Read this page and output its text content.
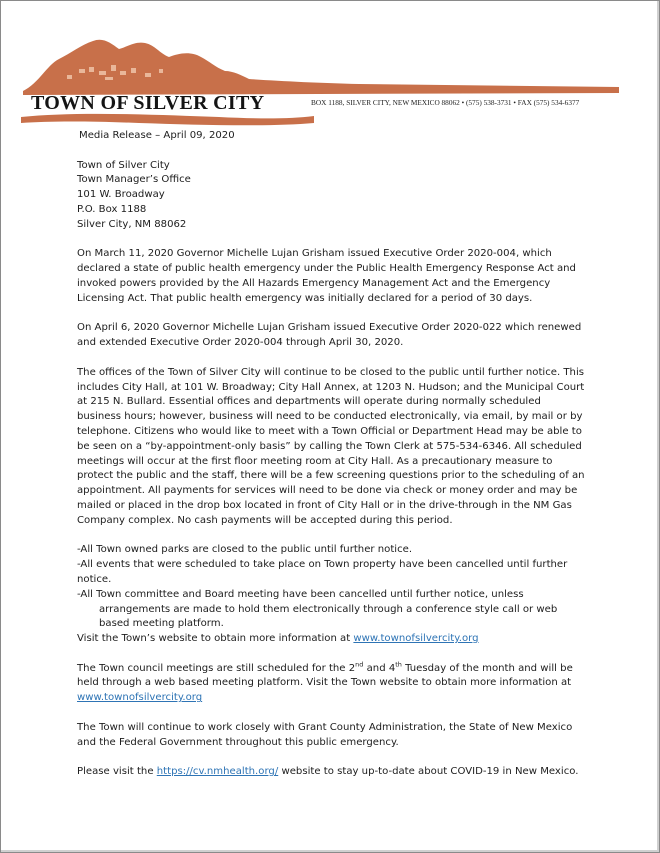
TOWN OF SILVER CITY	BOX 1188, SILVER CITY, NEW MEXICO 88062 • (575) 538-3731 • FAX (575) 534-6377

Media Release – April 09, 2020

Town of Silver City

Town Manager’s Office

101 W. Broadway

P.O. Box 1188

Silver City, NM 88062

On March 11, 2020 Governor Michelle Lujan Grisham issued Executive Order 2020-004, which declared a state of public health emergency under the Public Health Emergency Response Act and invoked powers provided by the All Hazards Emergency Management Act and the Emergency Licensing Act. That public health emergency was initially declared for a period of 30 days.

On April 6, 2020 Governor Michelle Lujan Grisham issued Executive Order 2020-022 which renewed and extended Executive Order 2020-004 through April 30, 2020.

The offices of the Town of Silver City will continue to be closed to the public until further notice. This includes City Hall, at 101 W. Broadway; City Hall Annex, at 1203 N. Hudson; and the Municipal Court at 215 N. Bullard. Essential offices and departments will operate during normally scheduled business hours; however, business will need to be conducted electronically, via email, by mail or by telephone. Citizens who would like to meet with a Town Official or Department Head may be able to be seen on a “by-appointment-only basis” by calling the Town Clerk at 575-534-6346. All scheduled meetings will occur at the first floor meeting room at City Hall. As a precautionary measure to protect the public and the staff, there will be a few screening questions prior to the scheduling of an appointment. All payments for services will need to be done via check or money order and may be mailed or placed in the drop box located in front of City Hall or in the drive-through in the NM Gas Company complex. No cash payments will be accepted during this period.

-All Town owned parks are closed to the public until further notice.

-All events that were scheduled to take place on Town property have been cancelled until further notice.

-All Town committee and Board meeting have been cancelled until further notice, unless arrangements are made to hold them electronically through a conference style call or web based meeting platform.

Visit the Town’s website to obtain more information at www.townofsilvercity.org

The Town council meetings are still scheduled for the 2nd and 4th Tuesday of the month and will be held through a web based meeting platform. Visit the Town website to obtain more information at www.townofsilvercity.org

The Town will continue to work closely with Grant County Administration, the State of New Mexico and the Federal Government throughout this public emergency.

Please visit the https://cv.nmhealth.org/ website to stay up-to-date about COVID-19 in New Mexico.
